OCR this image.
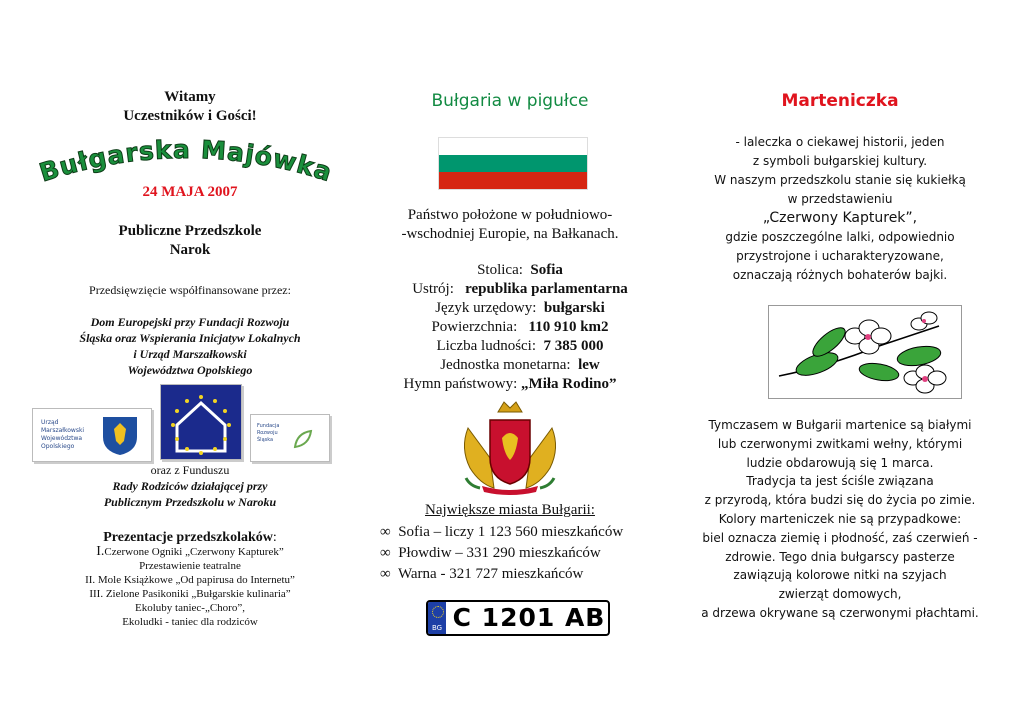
Witamy
Uczestników i Gości!
Bułgarska Majówka
24 MAJA 2007
Publiczne Przedszkole
Narok
Przedsięwzięcie współfinansowane przez:
Dom Europejski przy Fundacji Rozwoju
Śląska oraz Wspierania Inicjatyw Lokalnych
i Urząd Marszałkowski
Województwa Opolskiego
Urząd
Marszałkowski
Województwa
Opolskiego
Fundacja
Rozwoju
Śląska
oraz z Funduszu
Rady Rodziców działającej przy
Publicznym Przedszkolu w Naroku
Prezentacje przedszkolaków:
I.Czerwone Ogniki „Czerwony Kapturek”
Przestawienie teatralne
II. Mole Książkowe „Od papirusa do Internetu”
III. Zielone Pasikoniki „Bułgarskie kulinaria”
Ekoluby taniec-„Choro”,
Ekoludki - taniec dla rodziców
Bułgaria w pigułce
Państwo położone w południowo-
-wschodniej Europie, na Bałkanach.
Stolica:  Sofia
Ustrój:   republika parlamentarna
Język urzędowy:  bułgarski
Powierzchnia:   110 910 km2
Liczba ludności:  7 385 000
Jednostka monetarna:  lew
Hymn państwowy: „Miła Rodino”
Największe miasta Bułgarii:
∞ Sofia – liczy 1 123 560 mieszkańców
∞ Płowdiw – 331 290 mieszkańców
∞ Warna - 321 727 mieszkańców
BG C 1201 AB
Marteniczka
- laleczka o ciekawej historii, jeden
z symboli bułgarskiej kultury.
W naszym przedszkolu stanie się kukiełką
w przedstawieniu
„Czerwony Kapturek”,
gdzie poszczególne lalki, odpowiednio
przystrojone i ucharakteryzowane,
oznaczają różnych bohaterów bajki.
Tymczasem w Bułgarii martenice są białymi
lub czerwonymi zwitkami wełny, którymi
ludzie obdarowują się 1 marca.
Tradycja ta jest ściśle związana
z przyrodą, która budzi się do życia po zimie.
Kolory marteniczek nie są przypadkowe:
biel oznacza ziemię i płodność, zaś czerwień -
zdrowie. Tego dnia bułgarscy pasterze
zawiązują kolorowe nitki na szyjach
zwierząt domowych,
a drzewa okrywane są czerwonymi płachtami.
